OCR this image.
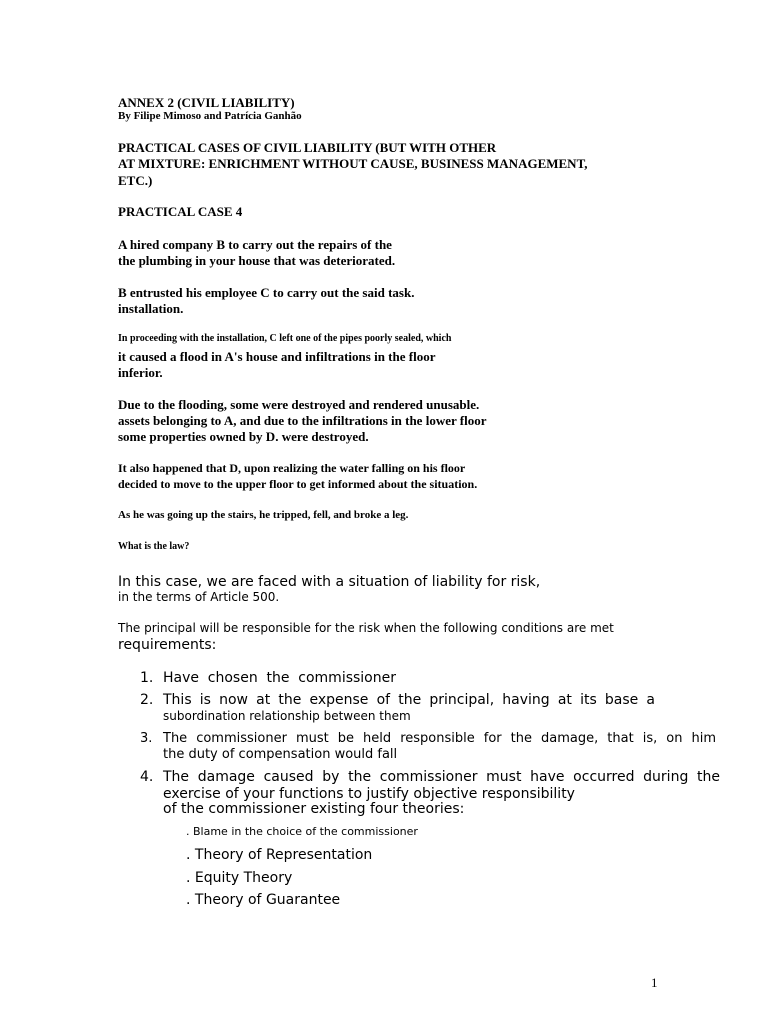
ANNEX 2 (CIVIL LIABILITY)
By Filipe Mimoso and Patrícia Ganhão
PRACTICAL CASES OF CIVIL LIABILITY (BUT WITH OTHER
AT MIXTURE: ENRICHMENT WITHOUT CAUSE, BUSINESS MANAGEMENT,
ETC.)
PRACTICAL CASE 4
A hired company B to carry out the repairs of the
the plumbing in your house that was deteriorated.
B entrusted his employee C to carry out the said task.
installation.
In proceeding with the installation, C left one of the pipes poorly sealed, which
it caused a flood in A's house and infiltrations in the floor
inferior.
Due to the flooding, some were destroyed and rendered unusable.
assets belonging to A, and due to the infiltrations in the lower floor
some properties owned by D. were destroyed.
It also happened that D, upon realizing the water falling on his floor
decided to move to the upper floor to get informed about the situation.
As he was going up the stairs, he tripped, fell, and broke a leg.
What is the law?
In this case, we are faced with a situation of liability for risk,
in the terms of Article 500.
The principal will be responsible for the risk when the following conditions are met
requirements:
1. Have chosen the commissioner
2. This is now at the expense of the principal, having at its base a
subordination relationship between them
3. The commissioner must be held responsible for the damage, that is, on him
the duty of compensation would fall
4. The damage caused by the commissioner must have occurred during the
exercise of your functions to justify objective responsibility
of the commissioner existing four theories:
. Blame in the choice of the commissioner
. Theory of Representation
. Equity Theory
. Theory of Guarantee
1
